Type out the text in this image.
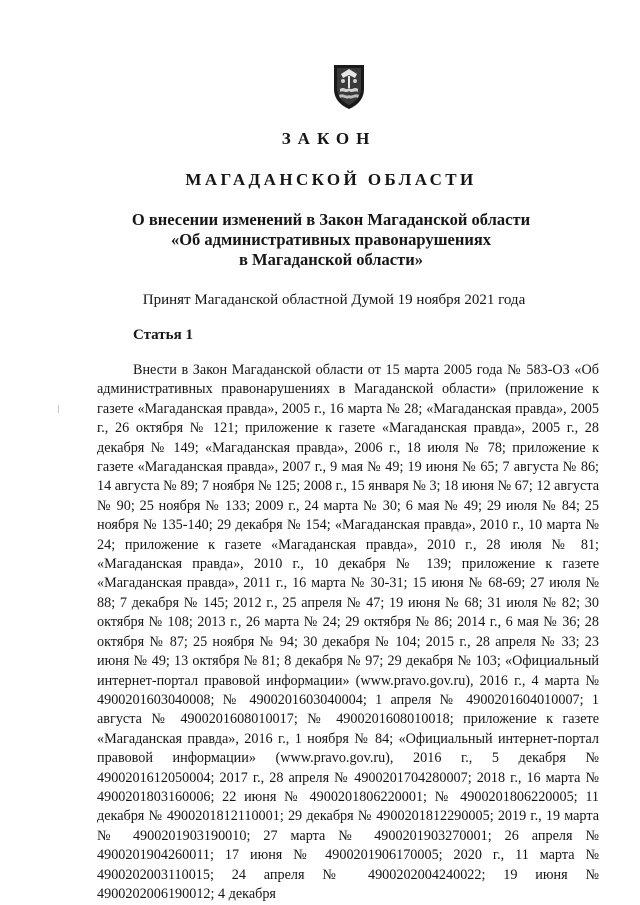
ЗАКОН
МАГАДАНСКОЙ ОБЛАСТИ
О внесении изменений в Закон Магаданской области
«Об административных правонарушениях
в Магаданской области»
Принят Магаданской областной Думой 19 ноября 2021 года
Статья 1

Внести в Закон Магаданской области от 15 марта 2005 года № 583-ОЗ «Об административных правонарушениях в Магаданской области» (приложение к газете «Магаданская правда», 2005 г., 16 марта № 28; «Магаданская правда», 2005 г., 26 октября № 121; приложение к газете «Магаданская правда», 2005 г., 28 декабря № 149; «Магаданская правда», 2006 г., 18 июля № 78; приложение к газете «Магаданская правда», 2007 г., 9 мая № 49; 19 июня № 65; 7 августа № 86; 14 августа № 89; 7 ноября № 125; 2008 г., 15 января № 3; 18 июня № 67; 12 августа № 90; 25 ноября № 133; 2009 г., 24 марта № 30; 6 мая № 49; 29 июля № 84; 25 ноября № 135-140; 29 декабря № 154; «Магаданская правда», 2010 г., 10 марта № 24; приложение к газете «Магаданская правда», 2010 г., 28 июля № 81; «Магаданская правда», 2010 г., 10 декабря № 139; приложение к газете «Магаданская правда», 2011 г., 16 марта № 30-31; 15 июня № 68-69; 27 июля № 88; 7 декабря № 145; 2012 г., 25 апреля № 47; 19 июня № 68; 31 июля № 82; 30 октября № 108; 2013 г., 26 марта № 24; 29 октября № 86; 2014 г., 6 мая № 36; 28 октября № 87; 25 ноября № 94; 30 декабря № 104; 2015 г., 28 апреля № 33; 23 июня № 49; 13 октября № 81; 8 декабря № 97; 29 декабря № 103; «Официальный интернет-портал правовой информации» (www.pravo.gov.ru), 2016 г., 4 марта № 4900201603040008; № 4900201603040004; 1 апреля № 4900201604010007; 1 августа № 4900201608010017; № 4900201608010018; приложение к газете «Магаданская правда», 2016 г., 1 ноября № 84; «Официальный интернет-портал правовой информации» (www.pravo.gov.ru), 2016 г., 5 декабря № 4900201612050004; 2017 г., 28 апреля № 4900201704280007; 2018 г., 16 марта № 4900201803160006; 22 июня № 4900201806220001; № 4900201806220005; 11 декабря № 4900201812110001; 29 декабря № 4900201812290005; 2019 г., 19 марта № 4900201903190010; 27 марта № 4900201903270001; 26 апреля № 4900201904260011; 17 июня № 4900201906170005; 2020 г., 11 марта № 4900202003110015; 24 апреля № 4900202004240022; 19 июня № 4900202006190012; 4 декабря
